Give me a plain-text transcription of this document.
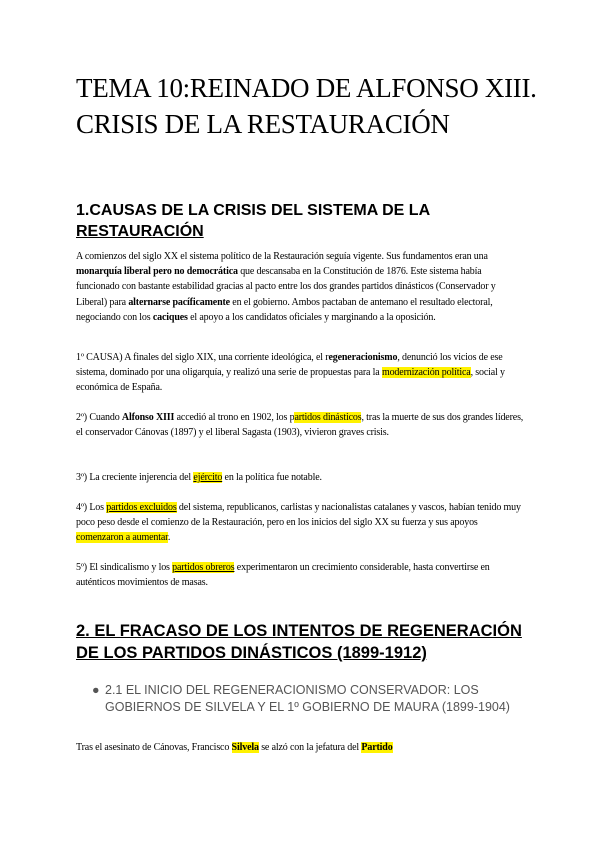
TEMA 10:REINADO DE ALFONSO XIII. CRISIS DE LA RESTAURACIÓN
1.CAUSAS DE LA CRISIS DEL SISTEMA DE LA RESTAURACIÓN

A comienzos del siglo XX el sistema político de la Restauración seguía vigente. Sus fundamentos eran una monarquía liberal pero no democrática que descansaba en la Constitución de 1876. Este sistema había funcionado con bastante estabilidad gracias al pacto entre los dos grandes partidos dinásticos (Conservador y Liberal) para alternarse pacíficamente en el gobierno. Ambos pactaban de antemano el resultado electoral, negociando con los caciques el apoyo a los candidatos oficiales y marginando a la oposición.

1º CAUSA) A finales del siglo XIX, una corriente ideológica, el regeneracionismo, denunció los vicios de ese sistema, dominado por una oligarquía, y realizó una serie de propuestas para la modernización política, social y económica de España.

2º) Cuando Alfonso XIII accedió al trono en 1902, los partidos dinásticos, tras la muerte de sus dos grandes líderes, el conservador Cánovas (1897) y el liberal Sagasta (1903), vivieron graves crisis.

3º) La creciente injerencia del ejército en la política fue notable.

4º) Los partidos excluidos del sistema, republicanos, carlistas y nacionalistas catalanes y vascos, habían tenido muy poco peso desde el comienzo de la Restauración, pero en los inicios del siglo XX su fuerza y sus apoyos comenzaron a aumentar.

5º) El sindicalismo y los partidos obreros experimentaron un crecimiento considerable, hasta convertirse en auténticos movimientos de masas.

2. EL FRACASO DE LOS INTENTOS DE REGENERACIÓN DE LOS PARTIDOS DINÁSTICOS (1899-1912)
● 2.1 EL INICIO DEL REGENERACIONISMO CONSERVADOR: LOS GOBIERNOS DE SILVELA Y EL 1º GOBIERNO DE MAURA (1899-1904)

Tras el asesinato de Cánovas, Francisco Silvela se alzó con la jefatura del Partido
